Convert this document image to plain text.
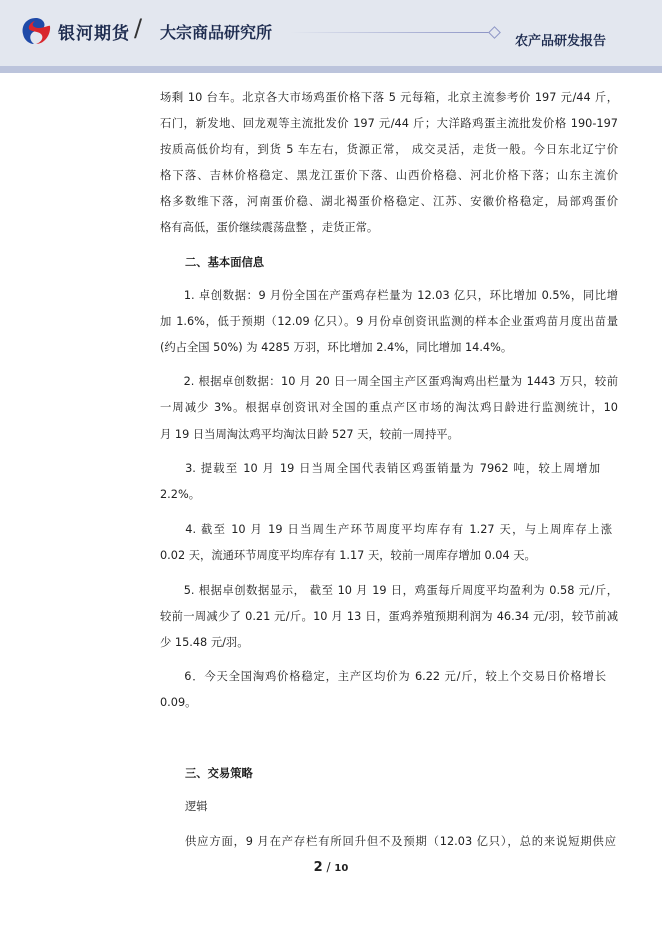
银河期货 / 大宗商品研究所	农产品研发报告
场剩 10 台车。北京各大市场鸡蛋价格下落 5 元每箱，北京主流参考价 197 元/44 斤，
石门，新发地、回龙观等主流批发价 197 元/44 斤；大洋路鸡蛋主流批发价格 190-197
按质高低价均有，到货 5 车左右，货源正常， 成交灵活，走货一般。今日东北辽宁价
格下落、吉林价格稳定、黑龙江蛋价下落、山西价格稳、河北价格下落；山东主流价
格多数维下落，河南蛋价稳、湖北褐蛋价格稳定、江苏、安徽价格稳定，局部鸡蛋价
格有高低，蛋价继续震荡盘整 ，走货正常。
二、基本面信息
　　1. 卓创数据：9 月份全国在产蛋鸡存栏量为 12.03 亿只，环比增加 0.5%，同比增
加 1.6%，低于预期（12.09 亿只）。9 月份卓创资讯监测的样本企业蛋鸡苗月度出苗量
(约占全国 50%) 为 4285 万羽，环比增加 2.4%，同比增加 14.4%。
　　2. 根据卓创数据：10 月 20 日一周全国主产区蛋鸡淘鸡出栏量为 1443 万只，较前
一周减少 3%。根据卓创资讯对全国的重点产区市场的淘汰鸡日龄进行监测统计，10
月 19 日当周淘汰鸡平均淘汰日龄 527 天，较前一周持平。
　　3. 提载至 10 月 19 日当周全国代表销区鸡蛋销量为 7962 吨，较上周增加
2.2%。
　　4. 截至 10 月 19 日当周生产环节周度平均库存有 1.27 天，与上周库存上涨
0.02 天，流通环节周度平均库存有 1.17 天，较前一周库存增加 0.04 天。
　　5. 根据卓创数据显示， 截至 10 月 19 日，鸡蛋每斤周度平均盈利为 0.58 元/斤，
较前一周减少了 0.21 元/斤。10 月 13 日，蛋鸡养殖预期利润为 46.34 元/羽，较节前减
少 15.48 元/羽。
　　6．今天全国淘鸡价格稳定，主产区均价为 6.22 元/斤，较上个交易日价格增长
0.09。
三、交易策略
逻辑
供应方面，9 月在产存栏有所回升但不及预期（12.03 亿只），总的来说短期供应
2 / 10
